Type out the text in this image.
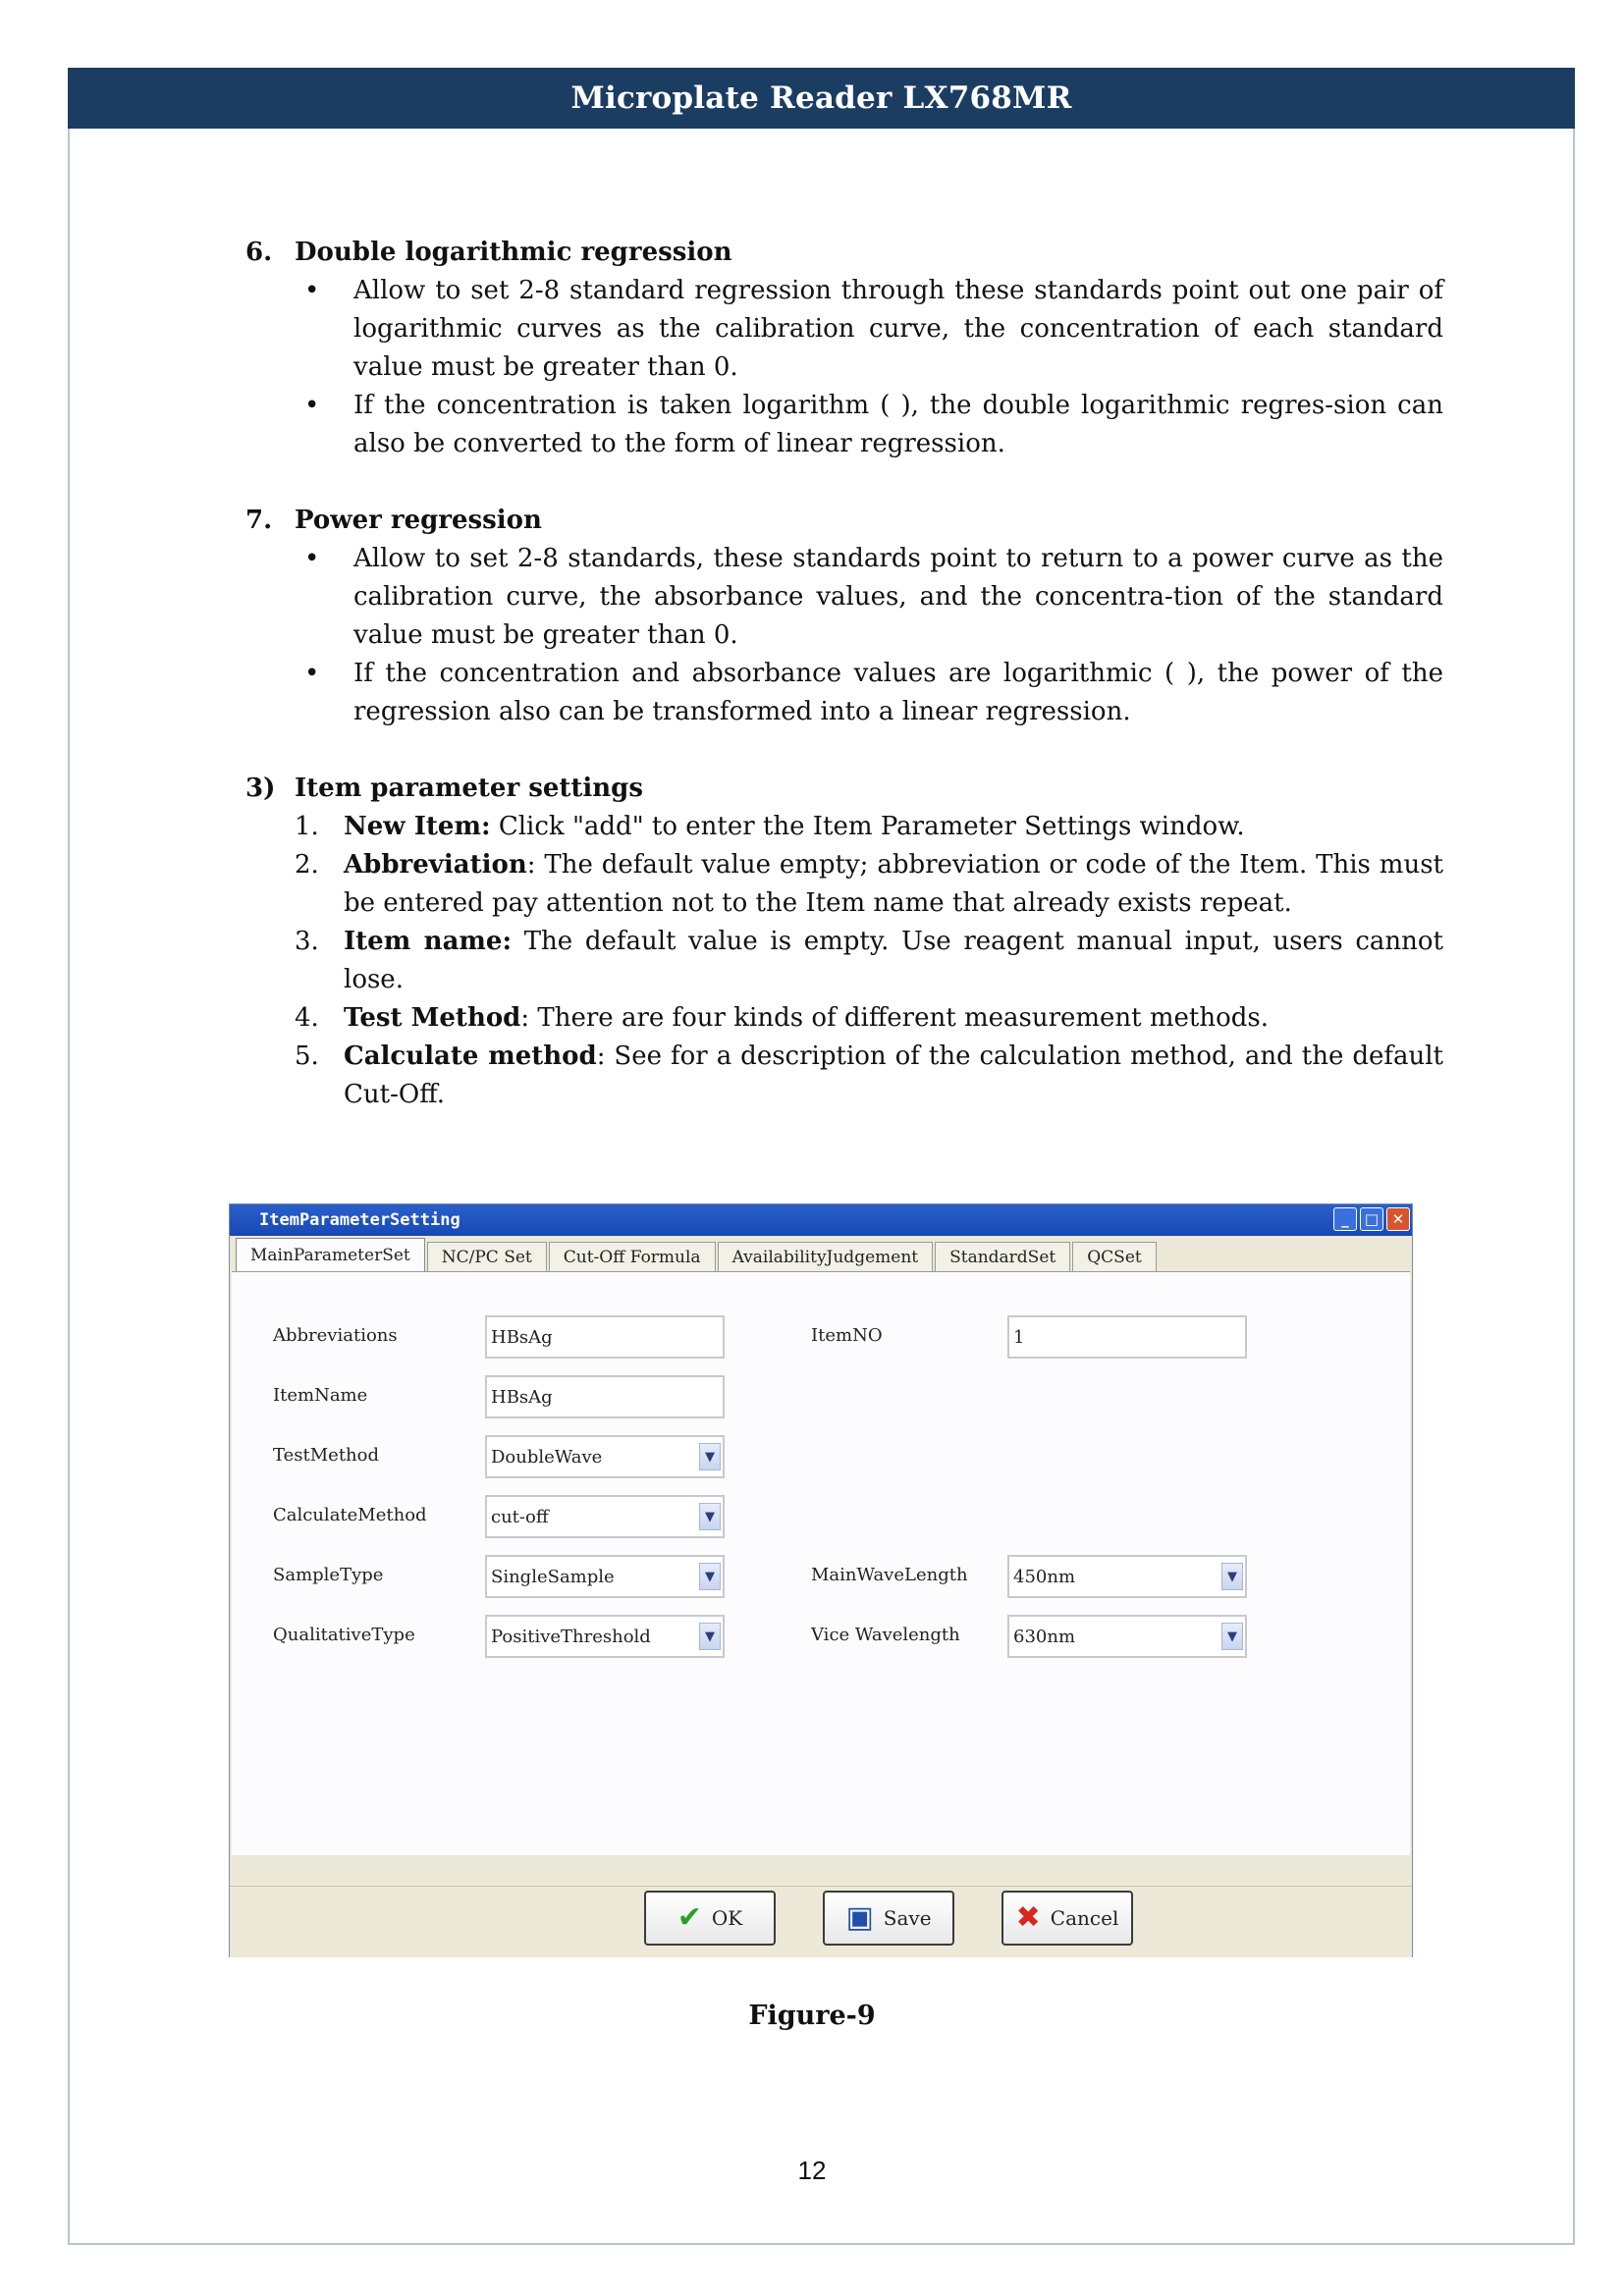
Microplate Reader LX768MR
6. Double logarithmic regression
• Allow to set 2-8 standard regression through these standards point out one pair of logarithmic curves as the calibration curve, the concentration of each standard value must be greater than 0.
• If the concentration is taken logarithm ( ), the double logarithmic regres-sion can also be converted to the form of linear regression.
7. Power regression
• Allow to set 2-8 standards, these standards point to return to a power curve as the calibration curve, the absorbance values, and the concentra-tion of the standard value must be greater than 0.
• If the concentration and absorbance values are logarithmic ( ), the power of the regression also can be transformed into a linear regression.
3) Item parameter settings
1. New Item: Click "add" to enter the Item Parameter Settings window.
2. Abbreviation: The default value empty; abbreviation or code of the Item. This must be entered pay attention not to the Item name that already exists repeat.
3. Item name: The default value is empty. Use reagent manual input, users cannot lose.
4. Test Method: There are four kinds of different measurement methods.
5. Calculate method: See for a description of the calculation method, and the default Cut-Off.
ItemParameterSetting	_	□ ✕
MainParameterSet	NC/PC Set	Cut-Off Formula	AvailabilityJudgement	StandardSet	QCSet
Abbreviations	HBsAg	ItemNO	1
ItemName	HBsAg
TestMethod	DoubleWave	▼
CalculateMethod	cut-off	▼
SampleType	SingleSample	▼	MainWaveLength	450nm	▼
QualitativeType	PositiveThreshold	▼	Vice Wavelength	630nm	▼
✔ OK	▣ Save	✖ Cancel
Figure-9
12
